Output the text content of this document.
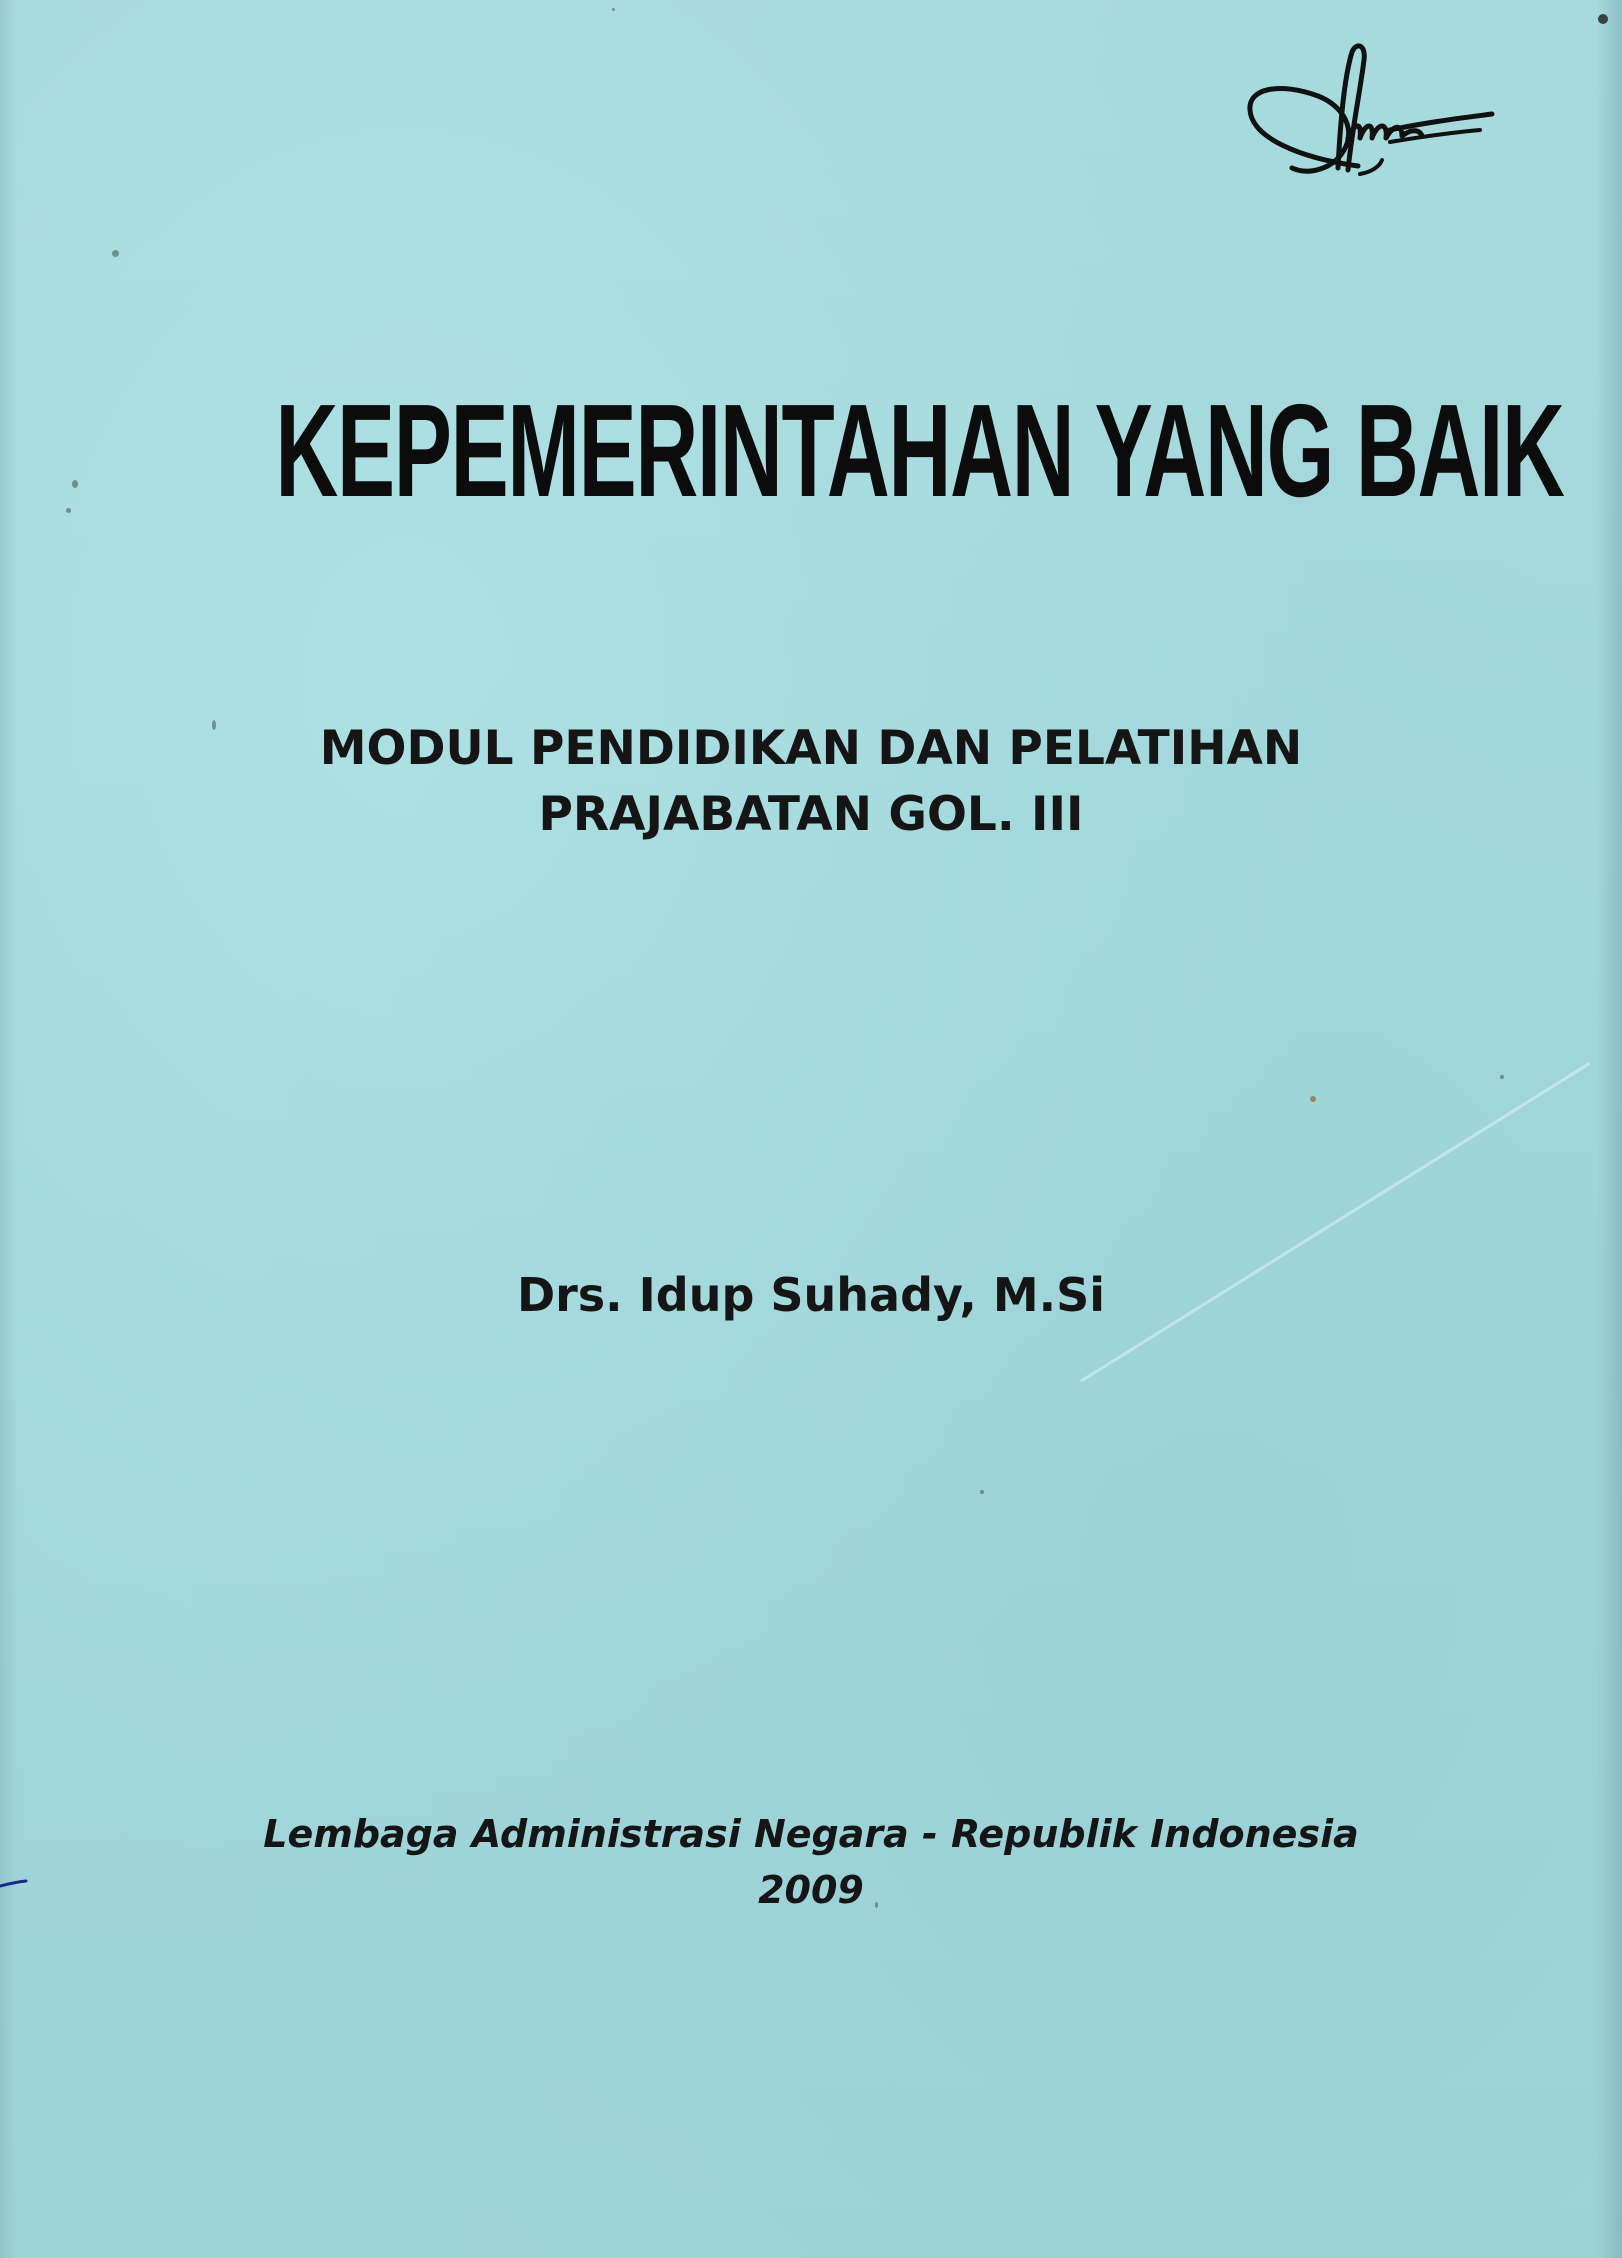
KEPEMERINTAHAN YANG BAIK
MODUL PENDIDIKAN DAN PELATIHAN
PRAJABATAN GOL. III
Drs. Idup Suhady, M.Si
Lembaga Administrasi Negara - Republik Indonesia
2009
